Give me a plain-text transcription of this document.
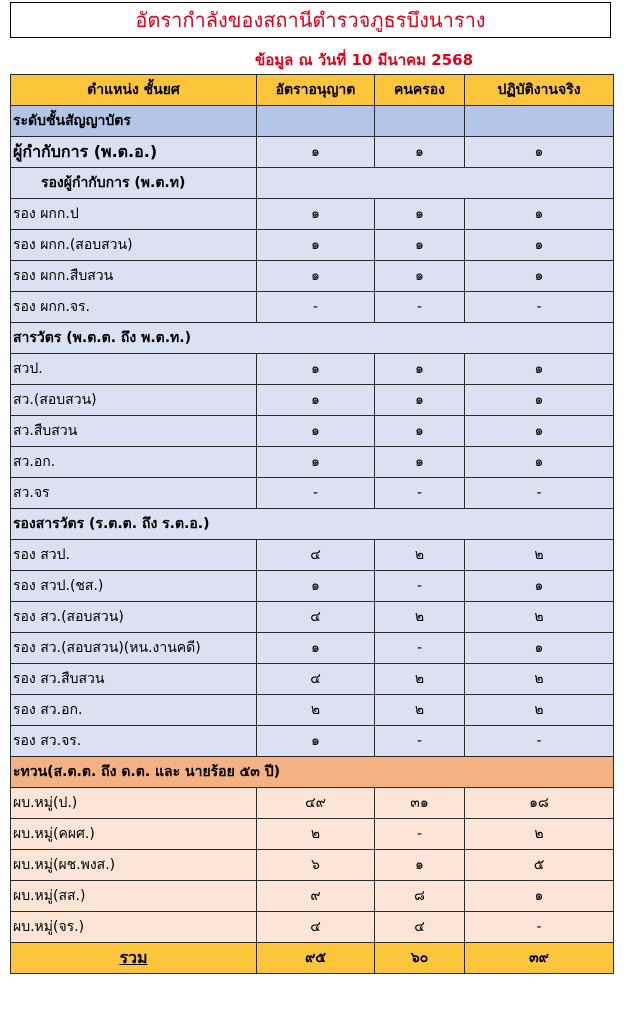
อัตรากำลังของสถานีตำรวจภูธรบึงนาราง
ข้อมูล ณ วันที่ 10 มีนาคม 2568
ตำแหน่ง ชั้นยศ	อัตราอนุญาต	คนครอง	ปฏิบัติงานจริง
ระดับชั้นสัญญาบัตร			
ผู้กำกับการ (พ.ต.อ.)	๑	๑	๑
รองผู้กำกับการ (พ.ต.ท)			
รอง ผกก.ป	๑	๑	๑
รอง ผกก.(สอบสวน)	๑	๑	๑
รอง ผกก.สืบสวน	๑	๑	๑
รอง ผกก.จร.	-	-	-
สารวัตร (พ.ต.ต. ถึง พ.ต.ท.)			
สวป.	๑	๑	๑
สว.(สอบสวน)	๑	๑	๑
สว.สืบสวน	๑	๑	๑
สว.อก.	๑	๑	๑
สว.จร	-	-	-
รองสารวัตร (ร.ต.ต. ถึง ร.ต.อ.)			
รอง สวป.	๔	๒	๒
รอง สวป.(ชส.)	๑	-	๑
รอง สว.(สอบสวน)	๔	๒	๒
รอง สว.(สอบสวน)(หน.งานคดี)	๑	-	๑
รอง สว.สืบสวน	๔	๒	๒
รอง สว.อก.	๒	๒	๒
รอง สว.จร.	๑	-	-
ะทวน(ส.ต.ต. ถึง ด.ต. และ นายร้อย ๕๓ ปี)			
ผบ.หมู่(ป.)	๔๙	๓๑	๑๘
ผบ.หมู่(คผศ.)	๒	-	๒
ผบ.หมู่(ผช.พงส.)	๖	๑	๕
ผบ.หมู่(สส.)	๙	๘	๑
ผบ.หมู่(จร.)	๔	๔	-
รวม	๙๕	๖๐	๓๙
